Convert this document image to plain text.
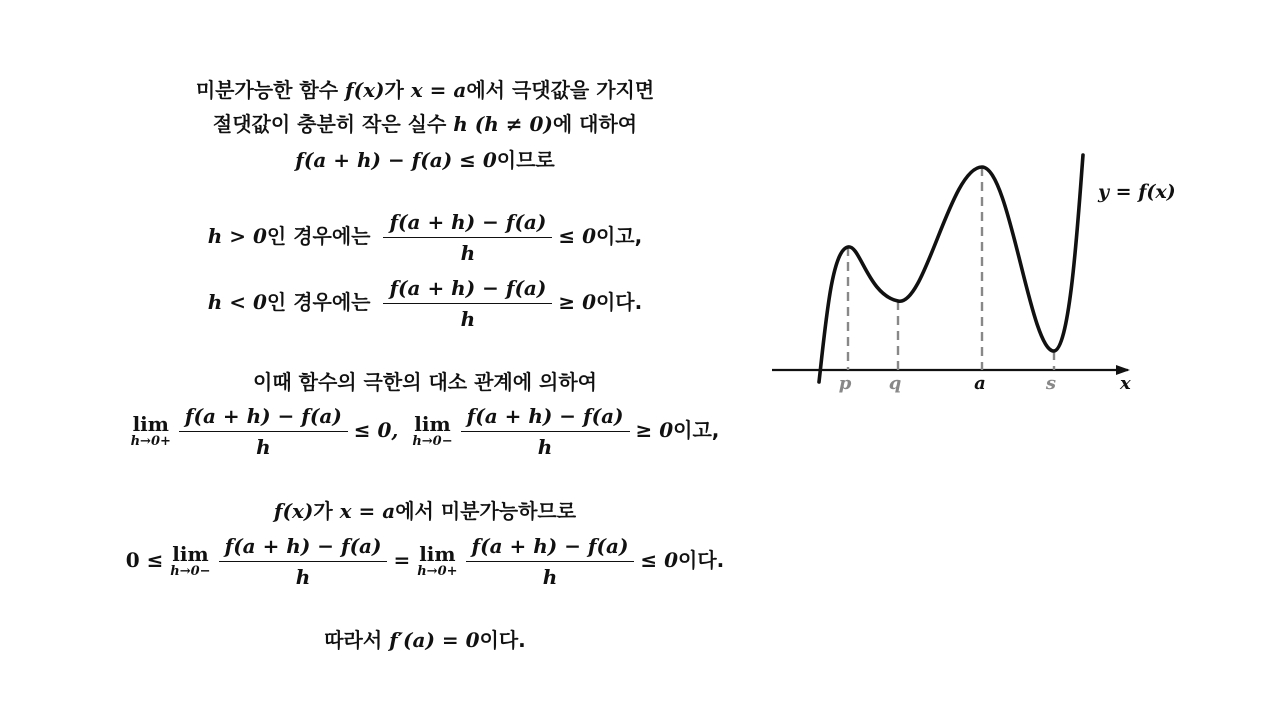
미분가능한 함수 f(x)가 x = a에서 극댓값을 가지면
절댓값이 충분히 작은 실수 h (h ≠ 0)에 대하여
f(a + h) − f(a) ≤ 0이므로
h > 0인 경우에는 $\frac{f(a + h) - f(a)}{h} \le 0$이고,
h < 0인 경우에는 $\frac{f(a + h) - f(a)}{h} \ge 0$이다.
이때 함수의 극한의 대소 관계에 의하여
lim
$h\to 0+ \frac{f(a + h) - f(a)}{h} \le 0$, lim
$h\to 0- \frac{f(a + h) - f(a)}{h} \ge 0$이고,
f(x)가 x = a에서 미분가능하므로
0 ≤ lim
$h\to 0- \frac{f(a + h) - f(a)}{h} = \lim$
$h\to 0+ \frac{f(a + h) - f(a)}{h} \le 0$이다.
따라서 f′(a) = 0이다.
y = f(x)
x
p q	a	s
